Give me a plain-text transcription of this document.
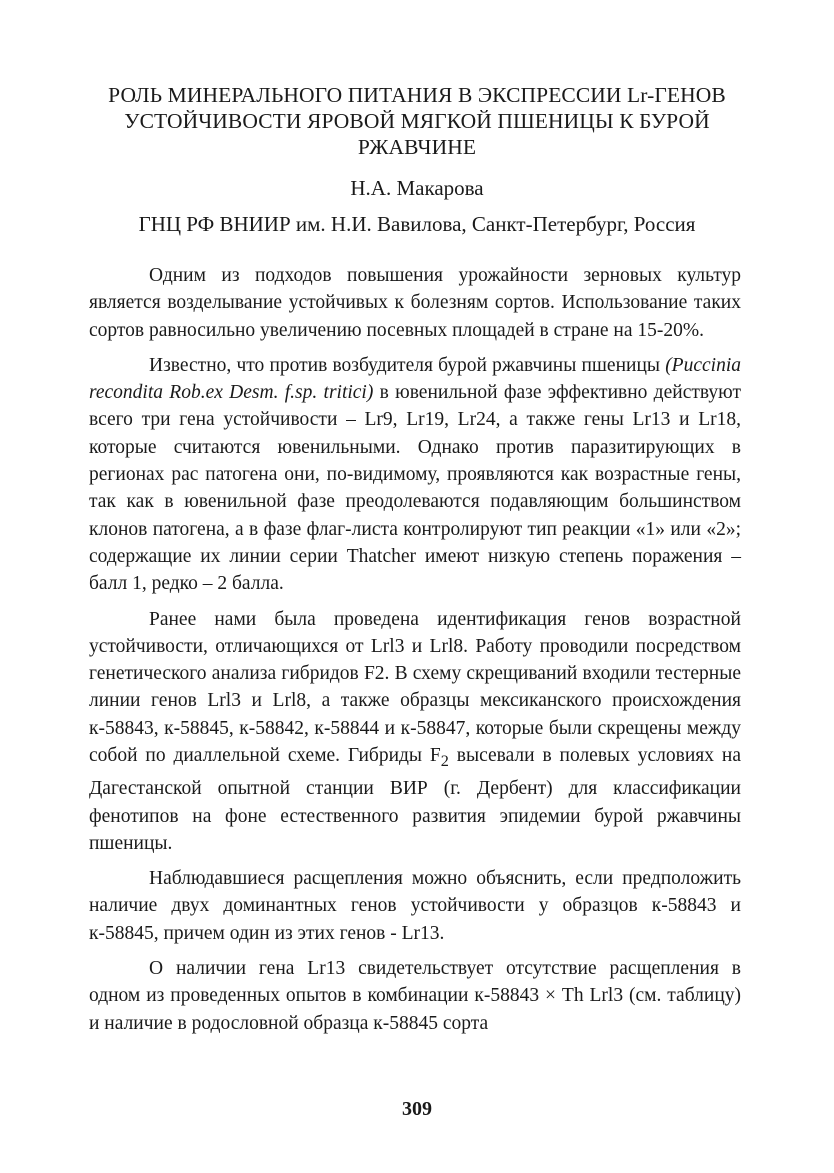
РОЛЬ МИНЕРАЛЬНОГО ПИТАНИЯ В ЭКСПРЕССИИ Lr-ГЕНОВ
УСТОЙЧИВОСТИ ЯРОВОЙ МЯГКОЙ ПШЕНИЦЫ К БУРОЙ
РЖАВЧИНЕ
Н.А. Макарова
ГНЦ РФ ВНИИР им. Н.И. Вавилова, Санкт-Петербург, Россия

Одним из подходов повышения урожайности зерновых культур является возделывание устойчивых к болезням сортов. Использование таких сортов равносильно увеличению посевных площадей в стране на 15-20%.

Известно, что против возбудителя бурой ржавчины пшеницы (Puccinia recondita Rob.ex Desm. f.sp. tritici) в ювенильной фазе эффективно действуют всего три гена устойчивости – Lr9, Lr19, Lr24, а также гены Lr13 и Lr18, которые считаются ювенильными. Однако против паразитирующих в регионах рас патогена они, по-видимому, проявляются как возрастные гены, так как в ювенильной фазе преодолеваются подавляющим большинством клонов патогена, а в фазе флаг-листа контролируют тип реакции «1» или «2»; содержащие их линии серии Thatcher имеют низкую степень поражения – балл 1, редко – 2 балла.

Ранее нами была проведена идентификация генов возрастной устойчивости, отличающихся от Lrl3 и Lrl8. Работу проводили посредством генетического анализа гибридов F2. В схему скрещиваний входили тестерные линии генов Lrl3 и Lrl8, а также образцы мексиканского происхождения к-58843, к-58845, к-58842, к-58844 и к-58847, которые были скрещены между собой по диаллельной схеме. Гибриды $F_2$ высевали в полевых условиях на Дагестанской опытной станции ВИР (г. Дербент) для классификации фенотипов на фоне естественного развития эпидемии бурой ржавчины пшеницы.

Наблюдавшиеся расщепления можно объяснить, если предположить наличие двух доминантных генов устойчивости у образцов к-58843 и к-58845, причем один из этих генов - Lr13.

О наличии гена Lr13 свидетельствует отсутствие расщепления в одном из проведенных опытов в комбинации к-58843 × Th Lrl3 (см. таблицу) и наличие в родословной образца к-58845 сорта

309
